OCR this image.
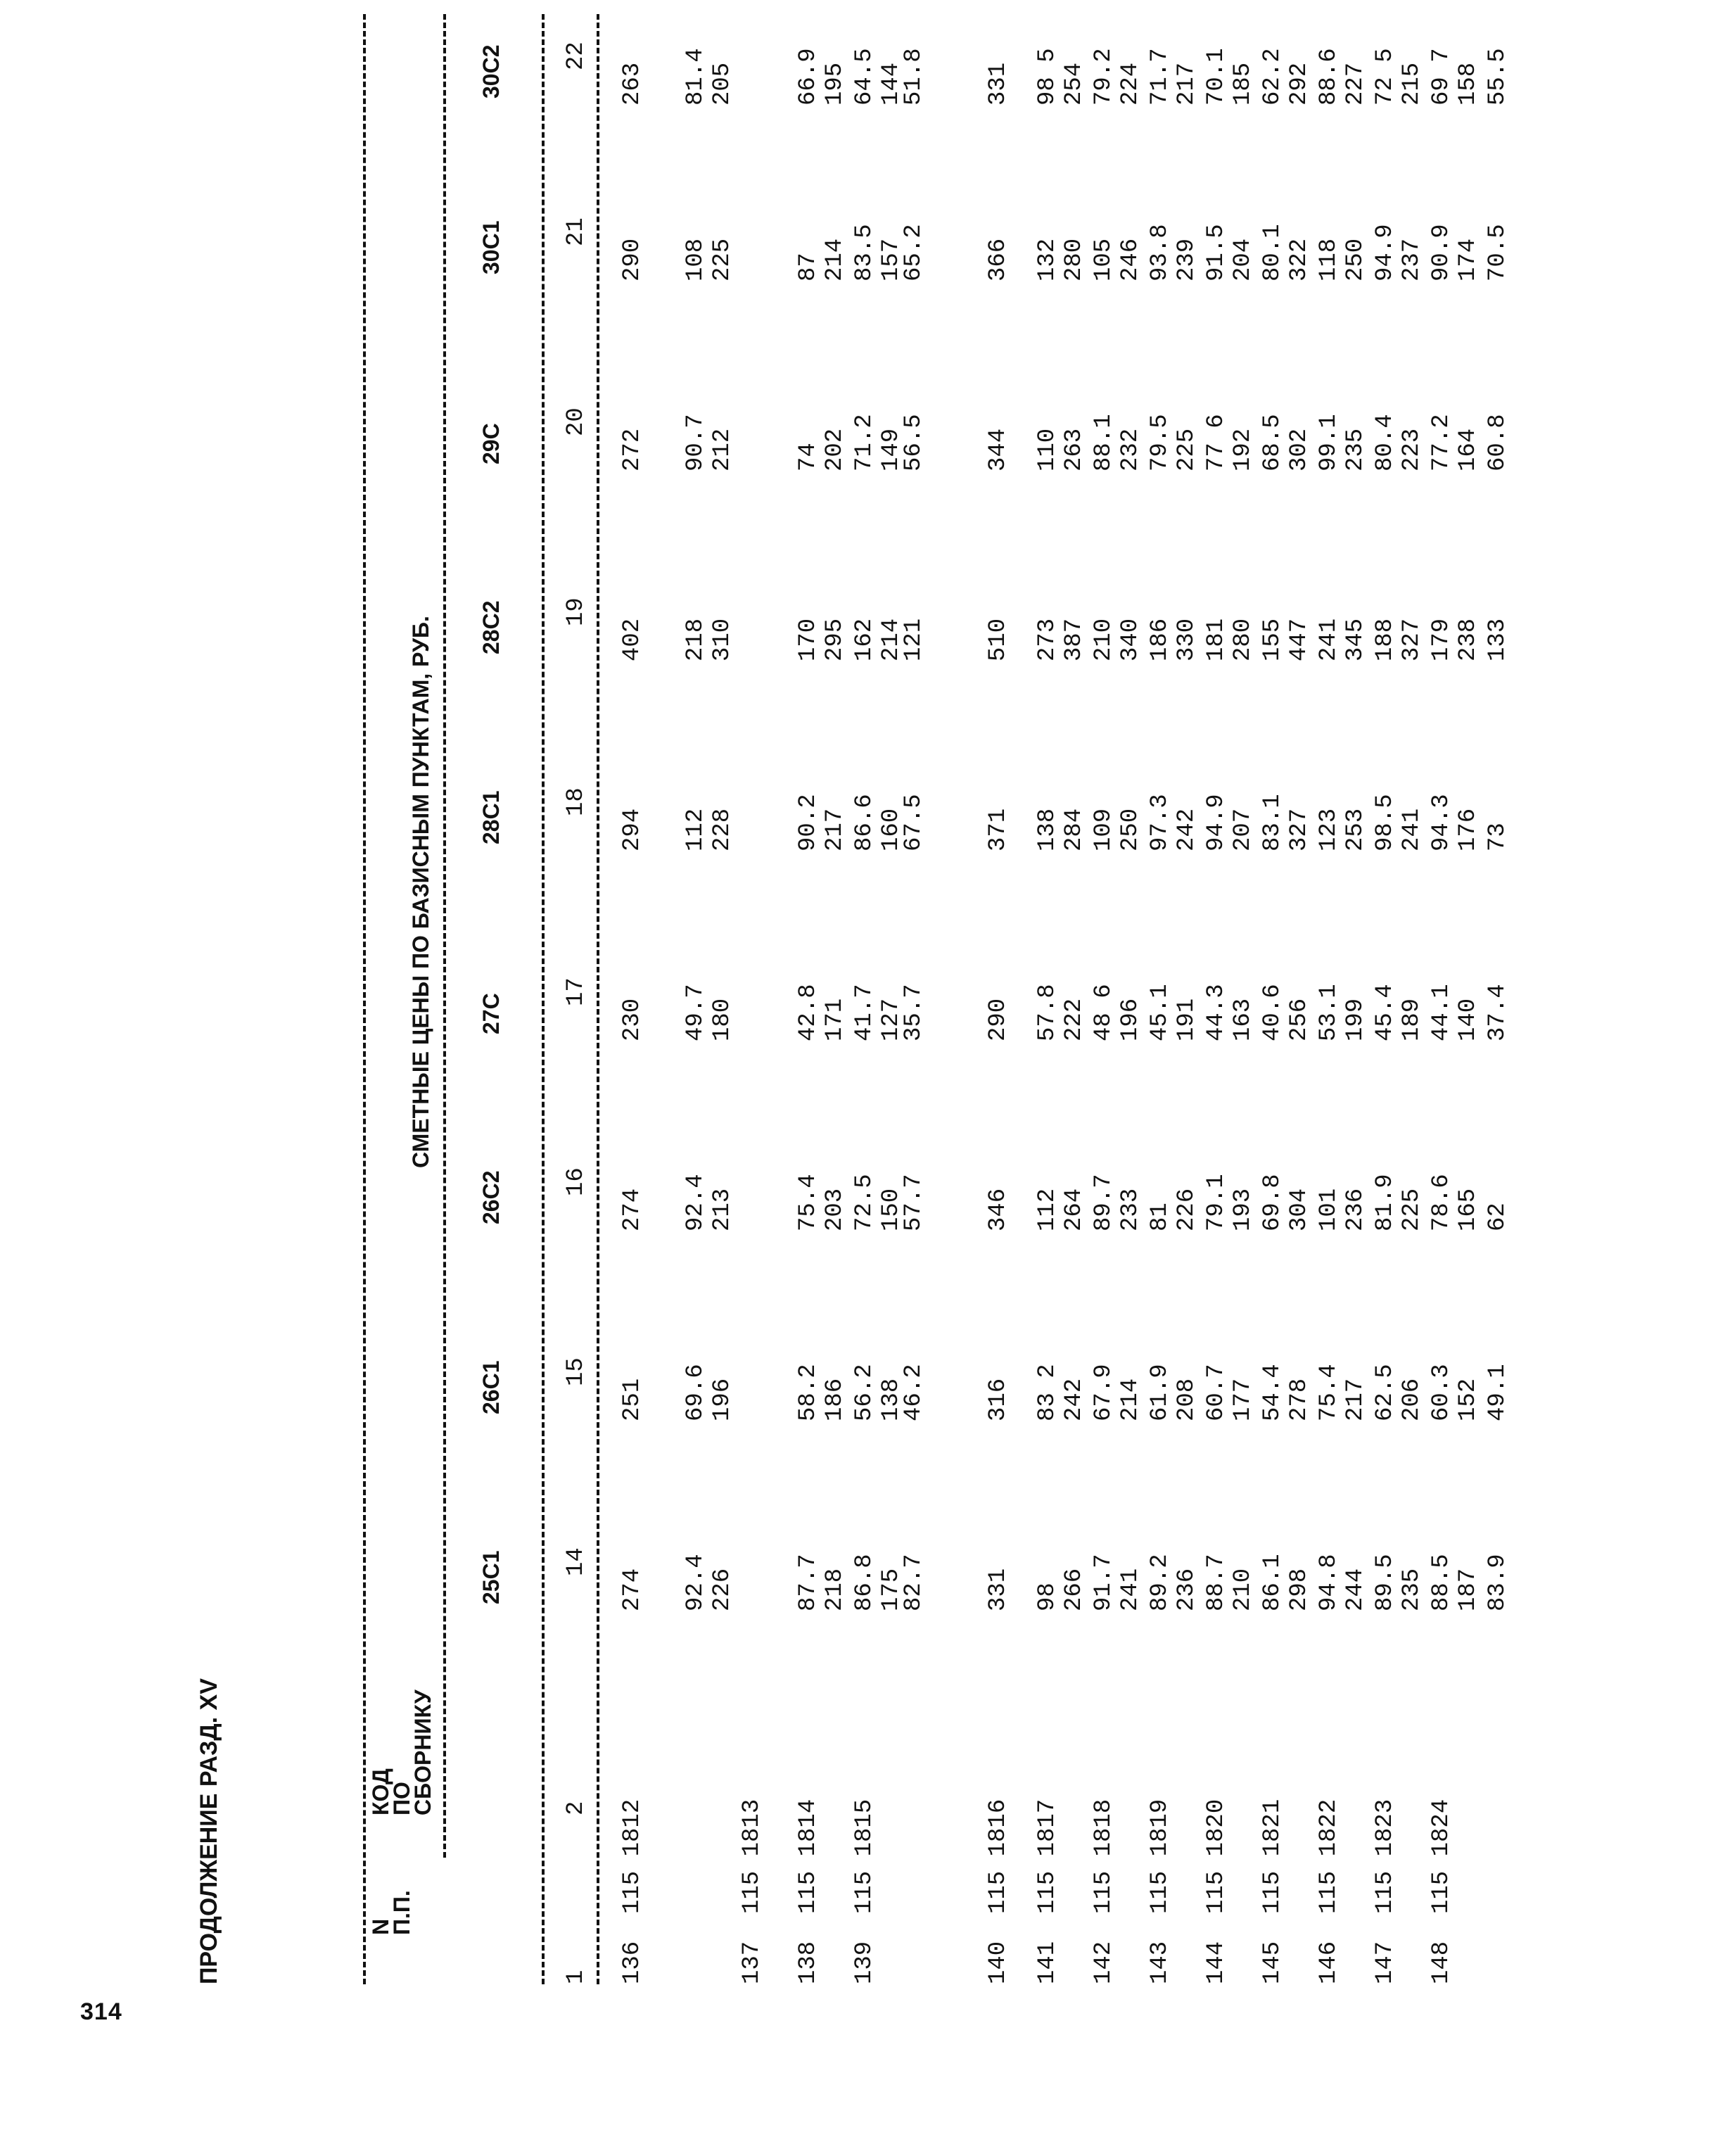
314
ПРОДОЛЖЕНИЕ РАЗД. XV
СМЕТНЫЕ ЦЕНЫ ПО БАЗИСНЫМ ПУНКТАМ, РУБ.
N
П.П.
КОД
ПО
СБОРНИКУ
25С1
26С1
26С2
27С
28С1
28С2
29С
30С1
30С2
1
2
14
15
16
17
18
19
20
21
22
136
115 1812
274
251
274
230
294
402
272
290
263
92.4
226
69.6
196
92.4
213
49.7
180
112
228
218
310
90.7
212
108
225
81.4
205
137
115 1813
138
115 1814
87.7
218
58.2
186
75.4
203
42.8
171
90.2
217
170
295
74
202
87
214
66.9
195
139
115 1815
86.8
175
56.2
138
72.5
150
41.7
127
86.6
160
162
214
71.2
149
83.5
157
64.5
144
82.7
46.2
57.7
35.7
67.5
121
56.5
65.2
51.8
140
115 1816
331
316
346
290
371
510
344
366
331
141
115 1817
98
266
83 2
242
112
264
57.8
222
138
284
273
387
110
263
132
280
98 5
254
142
115 1818
91.7
241
67.9
214
89.7
233
48 6
196
109
250
210
340
88.1
232
105
246
79.2
224
143
115 1819
89.2
236
61.9
208
81
226
45.1
191
97.3
242
186
330
79.5
225
93.8
239
71.7
217
144
115 1820
88.7
210
60.7
177
79.1
193
44.3
163
94.9
207
181
280
77 6
192
91.5
204
70.1
185
145
115 1821
86.1
298
54.4
278
69.8
304
40.6
256
83.1
327
155
447
68.5
302
80.1
322
62.2
292
146
115 1822
94.8
244
75.4
217
101
236
53.1
199
123
253
241
345
99.1
235
118
250
88.6
227
147
115 1823
89.5
235
62.5
206
81.9
225
45.4
189
98.5
241
188
327
80.4
223
94.9
237
72 5
215
148
115 1824
88.5
187
60.3
152
78.6
165
44.1
140
94.3
176
179
238
77.2
164
90.9
174
69 7
158
83.9
49.1
62
37.4
73
133
60.8
70.5
55.5
